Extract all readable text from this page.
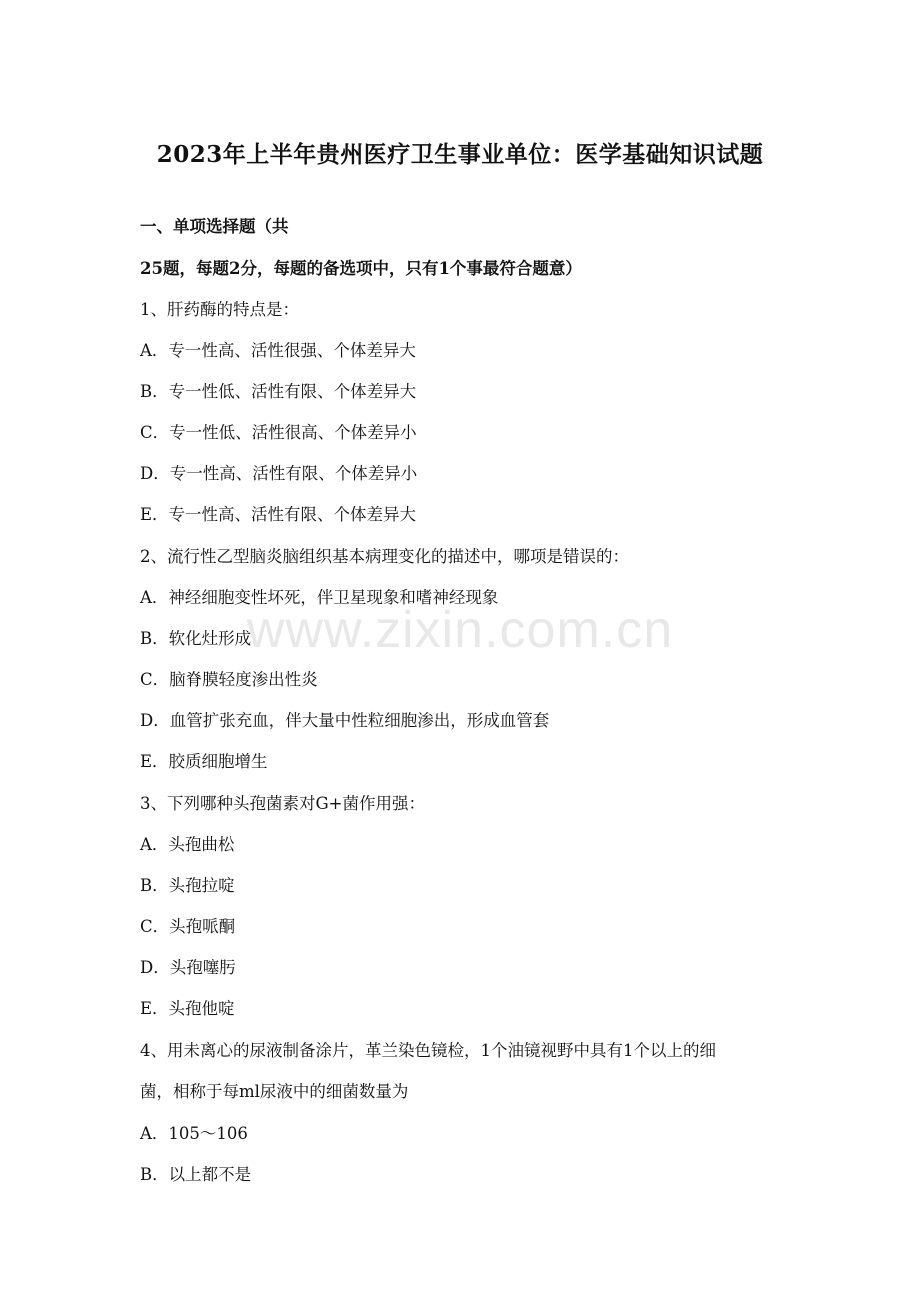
2023年上半年贵州医疗卫生事业单位：医学基础知识试题
一、单项选择题（共
25题，每题2分，每题的备选项中，只有1个事最符合题意）
1、肝药酶的特点是：
A．专一性高、活性很强、个体差异大
B．专一性低、活性有限、个体差异大
C．专一性低、活性很高、个体差异小
D．专一性高、活性有限、个体差异小
E．专一性高、活性有限、个体差异大
2、流行性乙型脑炎脑组织基本病理变化的描述中，哪项是错误的：
A．神经细胞变性坏死，伴卫星现象和嗜神经现象
B．软化灶形成
C．脑脊膜轻度渗出性炎
D．血管扩张充血，伴大量中性粒细胞渗出，形成血管套
E．胶质细胞增生
3、下列哪种头孢菌素对G+菌作用强：
A．头孢曲松
B．头孢拉啶
C．头孢哌酮
D．头孢噻肟
E．头孢他啶
4、用未离心的尿液制备涂片，革兰染色镜检，1个油镜视野中具有1个以上的细
菌，相称于每ml尿液中的细菌数量为
A．105～106
B．以上都不是
www.zixin.com.cn
